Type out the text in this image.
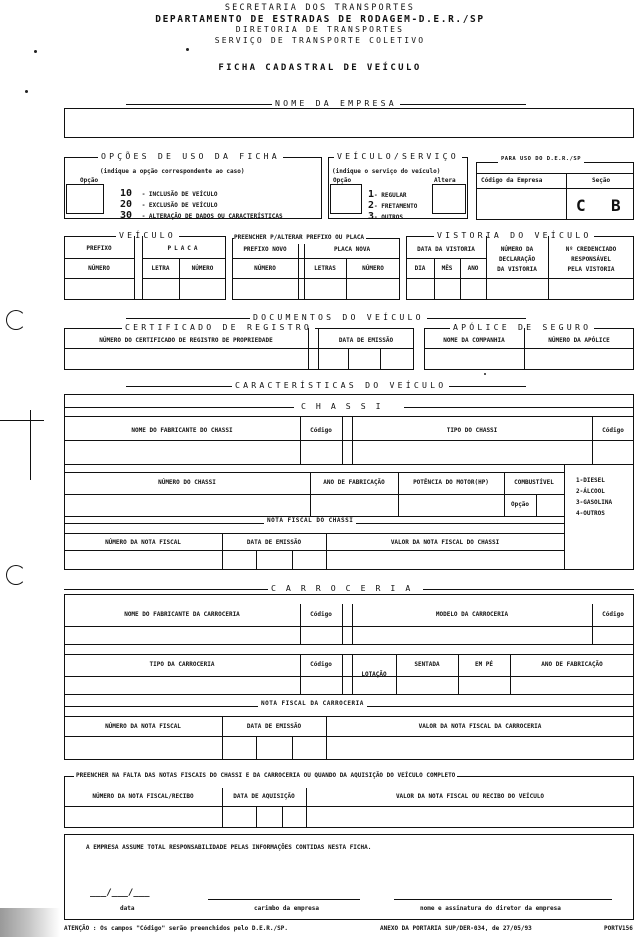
SECRETARIA DOS TRANSPORTES
DEPARTAMENTO DE ESTRADAS DE RODAGEM-D.E.R./SP
DIRETORIA DE TRANSPORTES
SERVIÇO DE TRANSPORTE COLETIVO
FICHA CADASTRAL DE VEÍCULO
NOME DA EMPRESA
OPÇÕES DE USO DA FICHA
(indique a opção correspondente ao caso)
Opção
10 - INCLUSÃO DE VEÍCULO
20 - EXCLUSÃO DE VEÍCULO
30 - ALTERAÇÃO DE DADOS OU CARACTERÍSTICAS
VEÍCULO/SERVIÇO
(indique o serviço do veículo)
Opção	Altera
1- REGULAR
2- FRETAMENTO
3- OUTROS
PARA USO DO D.E.R./SP
Código da Empresa	Seção
C B
VEÍCULO
PREFIXO
NÚMERO
PLACA
LETRA	NÚMERO
PREENCHER P/ALTERAR PREFIXO OU PLACA
PREFIXO NOVO	PLACA NOVA
NÚMERO	LETRAS	NÚMERO
VISTORIA DO VEÍCULO
DATA DA VISTORIA
DIA	MÊS	ANO
NÚMERO DA
DECLARAÇÃO
DA VISTORIA
Nº CREDENCIADO
RESPONSÁVEL
PELA VISTORIA
DOCUMENTOS DO VEÍCULO
CERTIFICADO DE REGISTRO
NÚMERO DO CERTIFICADO DE REGISTRO DE PROPRIEDADE	DATA DE EMISSÃO
APÓLICE DE SEGURO
NOME DA COMPANHIA	NÚMERO DA APÓLICE
CARACTERÍSTICAS DO VEÍCULO
CHASSI
NOME DO FABRICANTE DO CHASSI	Código	TIPO DO CHASSI	Código
NÚMERO DO CHASSI	ANO DE FABRICAÇÃO	POTÊNCIA DO MOTOR(HP)	COMBUSTÍVEL
Opção
1-DIESEL
2-ÁLCOOL
3-GASOLINA
4-OUTROS
NOTA FISCAL DO CHASSI
NÚMERO DA NOTA FISCAL	DATA DE EMISSÃO	VALOR DA NOTA FISCAL DO CHASSI
CARROCERIA
NOME DO FABRICANTE DA CARROCERIA	Código	MODELO DA CARROCERIA	Código
TIPO DA CARROCERIA	Código
LOTAÇÃO
SENTADA	EM PÉ	ANO DE FABRICAÇÃO
NOTA FISCAL DA CARROCERIA
NÚMERO DA NOTA FISCAL	DATA DE EMISSÃO	VALOR DA NOTA FISCAL DA CARROCERIA
PREENCHER NA FALTA DAS NOTAS FISCAIS DO CHASSI E DA CARROCERIA OU QUANDO DA AQUISIÇÃO DO VEÍCULO COMPLETO
NÚMERO DA NOTA FISCAL/RECIBO	DATA DE AQUISIÇÃO	VALOR DA NOTA FISCAL OU RECIBO DO VEÍCULO
A EMPRESA ASSUME TOTAL RESPONSABILIDADE PELAS INFORMAÇÕES CONTIDAS NESTA FICHA.
___/___/___
data	carimbo da empresa	nome e assinatura do diretor da empresa
ATENÇÃO : Os campos "Código" serão preenchidos pelo D.E.R./SP.	ANEXO DA PORTARIA SUP/DER-034, de 27/05/93	PORTV156
